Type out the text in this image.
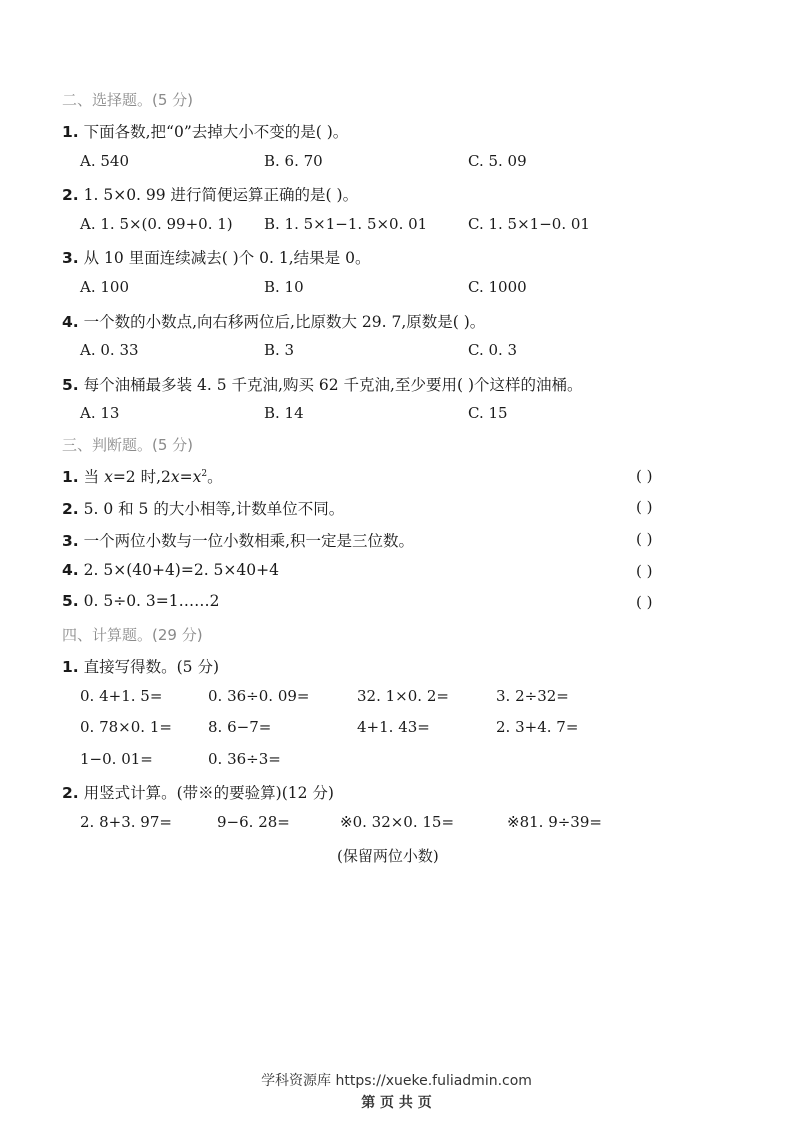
二、选择题。(5 分)
1. 下面各数,把“0”去掉大小不变的是( )。
A. 540	B. 6. 70	C. 5. 09
2. 1. 5×0. 99 进行简便运算正确的是( )。
A. 1. 5×(0. 99+0. 1) B. 1. 5×1−1. 5×0. 01	C. 1. 5×1−0. 01
3. 从 10 里面连续减去( )个 0. 1,结果是 0。
A. 100	B. 10	C. 1000
4. 一个数的小数点,向右移两位后,比原数大 29. 7,原数是( )。
A. 0. 33	B. 3	C. 0. 3
5. 每个油桶最多装 4. 5 千克油,购买 62 千克油,至少要用( )个这样的油桶。
A. 13	B. 14	C. 15
三、判断题。(5 分)
1. 当 x=2 时$,2x=x^2$。	( )
2. 5. 0 和 5 的大小相等,计数单位不同。	( )
3. 一个两位小数与一位小数相乘,积一定是三位数。	( )
4. 2. 5×(40+4)=2. 5×40+4	( )
5. 0. 5÷0. 3=1……2	( )
四、计算题。(29 分)
1. 直接写得数。(5 分)
0. 4+1. 5=	0. 36÷0. 09=	32. 1×0. 2=	3. 2÷32=
0. 78×0. 1= 8. 6−7=	4+1. 43=	2. 3+4. 7=
1−0. 01=	0. 36÷3=
2. 用竖式计算。(带※的要验算)(12 分)
2. 8+3. 97=	9−6. 28=	※0. 32×0. 15=	※81. 9÷39=
(保留两位小数)
学科资源库 https://xueke.fuliadmin.com
第 页 共 页
